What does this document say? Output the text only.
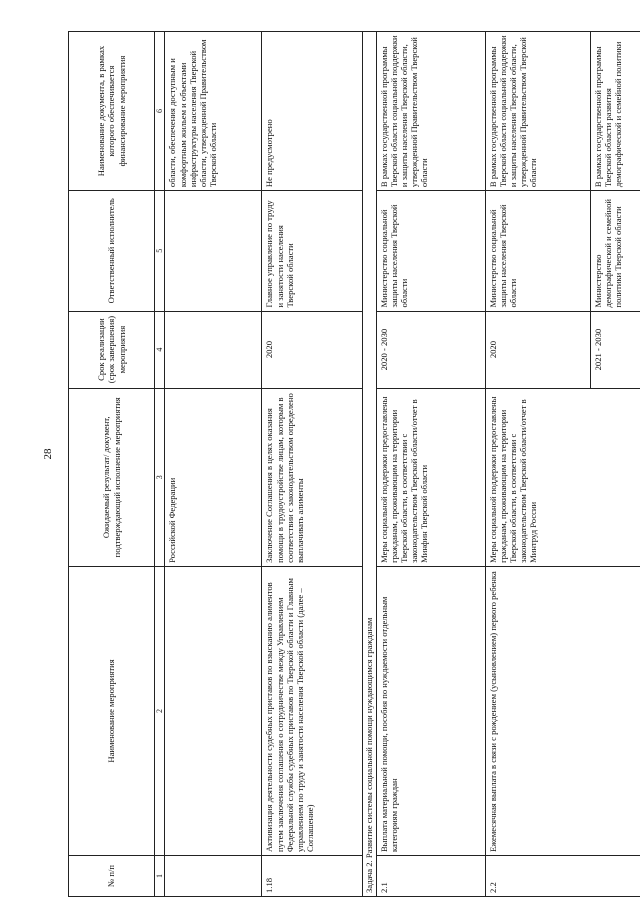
28
№ п/п	Наименование мероприятия	Ожидаемый результат/ документ, подтверждающий исполнение мероприятия	Срок реализации (срок завершения) мероприятия	Ответственный исполнитель	Наименование документа, в рамках которого обеспечивается финансирование мероприятия
1	2	3	4	5	6
		Российской Федерации			области, обеспечения доступным и комфортным жильем и объектами инфраструктуры населения Тверской области, утвержденной Правительством Тверской области
1.18	Активизация деятельности судебных приставов по взысканию алиментов путем заключения соглашения о сотрудничестве между Управлением Федеральной службы судебных приставов по Тверской области и Главным управлением по труду и занятости населения Тверской области (далее – Соглашение)	Заключение Соглашения в целях оказания помощи в трудоустройстве лицам, которым в соответствии с законодательством определено выплачивать алименты	2020	Главное управление по труду и занятости населения Тверской области	Не предусмотрено
Задача 2. Развитие системы социальной помощи нуждающимся гражданам					
2.1	Выплата материальной помощи, пособия по нуждаемости отдельным категориям граждан	Меры социальной поддержки предоставлены гражданам, проживающим на территории Тверской области, в соответствии с законодательством Тверской области/отчет в Минфин Тверской области	2020 - 2030	Министерство социальной защиты населения Тверской области	В рамках государственной программы Тверской области социальной поддержки и защиты населения Тверской области, утвержденной Правительством Тверской области
2.2	Ежемесячная выплата в связи с рождением (усыновлением) первого ребенка	Меры социальной поддержки предоставлены гражданам, проживающим на территории Тверской области, в соответствии с законодательством Тверской области/отчет в Минтруд России	2020	Министерство социальной защиты населения Тверской области	В рамках государственной программы Тверской области социальной поддержки и защиты населения Тверской области, утвержденной Правительством Тверской области
			2021 - 2030	Министерство демографической и семейной политики Тверской области	В рамках государственной программы Тверской области развития демографической и семейной политики
